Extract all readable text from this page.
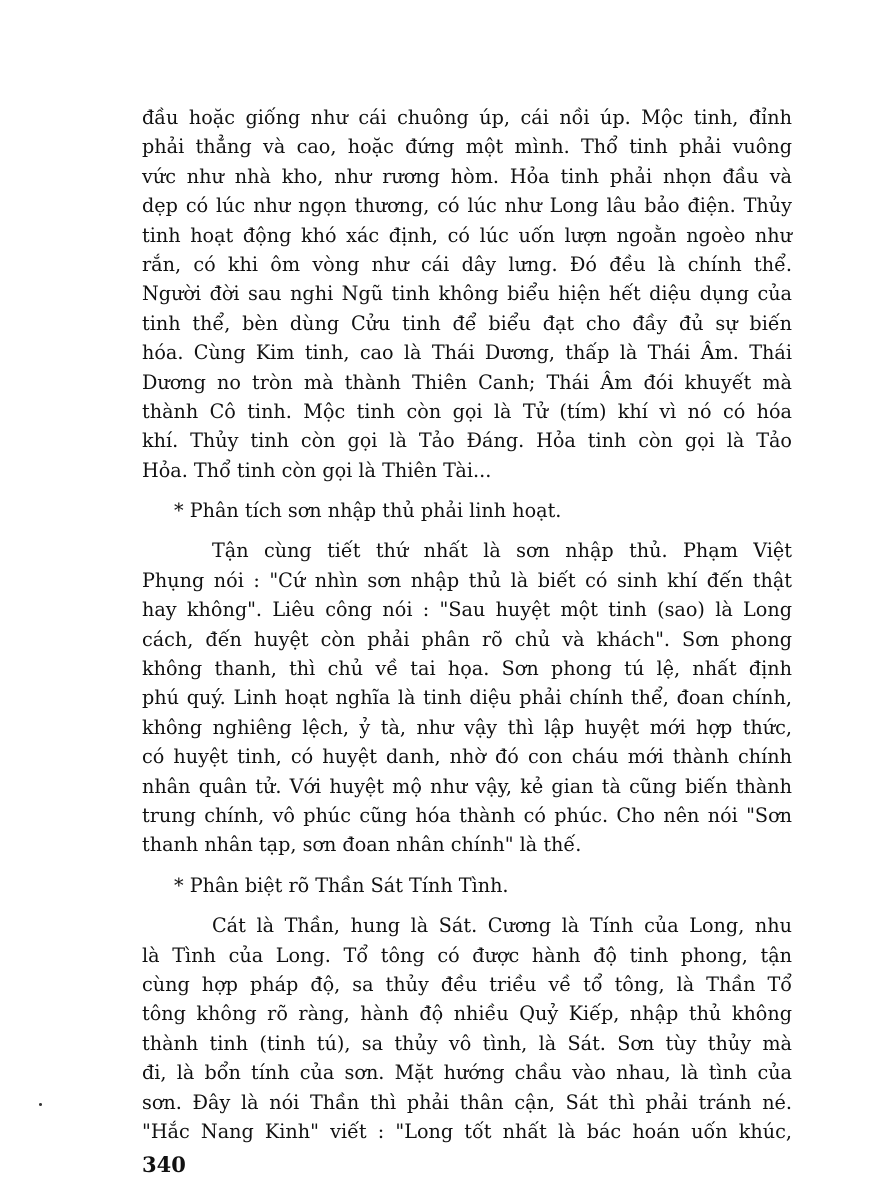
đầu hoặc giống như cái chuông úp, cái nồi úp. Mộc tinh, đỉnh
phải thẳng và cao, hoặc đứng một mình. Thổ tinh phải vuông
vức như nhà kho, như rương hòm. Hỏa tinh phải nhọn đầu và
dẹp có lúc như ngọn thương, có lúc như Long lâu bảo điện. Thủy
tinh hoạt động khó xác định, có lúc uốn lượn ngoằn ngoèo như
rắn, có khi ôm vòng như cái dây lưng. Đó đều là chính thể.
Người đời sau nghi Ngũ tinh không biểu hiện hết diệu dụng của
tinh thể, bèn dùng Cửu tinh để biểu đạt cho đầy đủ sự biến
hóa. Cùng Kim tinh, cao là Thái Dương, thấp là Thái Âm. Thái
Dương no tròn mà thành Thiên Canh; Thái Âm đói khuyết mà
thành Cô tinh. Mộc tinh còn gọi là Tử (tím) khí vì nó có hóa
khí. Thủy tinh còn gọi là Tảo Đáng. Hỏa tinh còn gọi là Tảo
Hỏa. Thổ tinh còn gọi là Thiên Tài...
* Phân tích sơn nhập thủ phải linh hoạt.
Tận cùng tiết thứ nhất là sơn nhập thủ. Phạm Việt
Phụng nói : "Cứ nhìn sơn nhập thủ là biết có sinh khí đến thật
hay không". Liêu công nói : "Sau huyệt một tinh (sao) là Long
cách, đến huyệt còn phải phân rõ chủ và khách". Sơn phong
không thanh, thì chủ về tai họa. Sơn phong tú lệ, nhất định
phú quý. Linh hoạt nghĩa là tinh diệu phải chính thể, đoan chính,
không nghiêng lệch, ỷ tà, như vậy thì lập huyệt mới hợp thức,
có huyệt tinh, có huyệt danh, nhờ đó con cháu mới thành chính
nhân quân tử. Với huyệt mộ như vậy, kẻ gian tà cũng biến thành
trung chính, vô phúc cũng hóa thành có phúc. Cho nên nói "Sơn
thanh nhân tạp, sơn đoan nhân chính" là thế.
* Phân biệt rõ Thần Sát Tính Tình.
Cát là Thần, hung là Sát. Cương là Tính của Long, nhu
là Tình của Long. Tổ tông có được hành độ tinh phong, tận
cùng hợp pháp độ, sa thủy đều triều về tổ tông, là Thần Tổ
tông không rõ ràng, hành độ nhiều Quỷ Kiếp, nhập thủ không
thành tinh (tinh tú), sa thủy vô tình, là Sát. Sơn tùy thủy mà
đi, là bổn tính của sơn. Mặt hướng chầu vào nhau, là tình của
sơn. Đây là nói Thần thì phải thân cận, Sát thì phải tránh né.
"Hắc Nang Kinh" viết : "Long tốt nhất là bác hoán uốn khúc,
340
